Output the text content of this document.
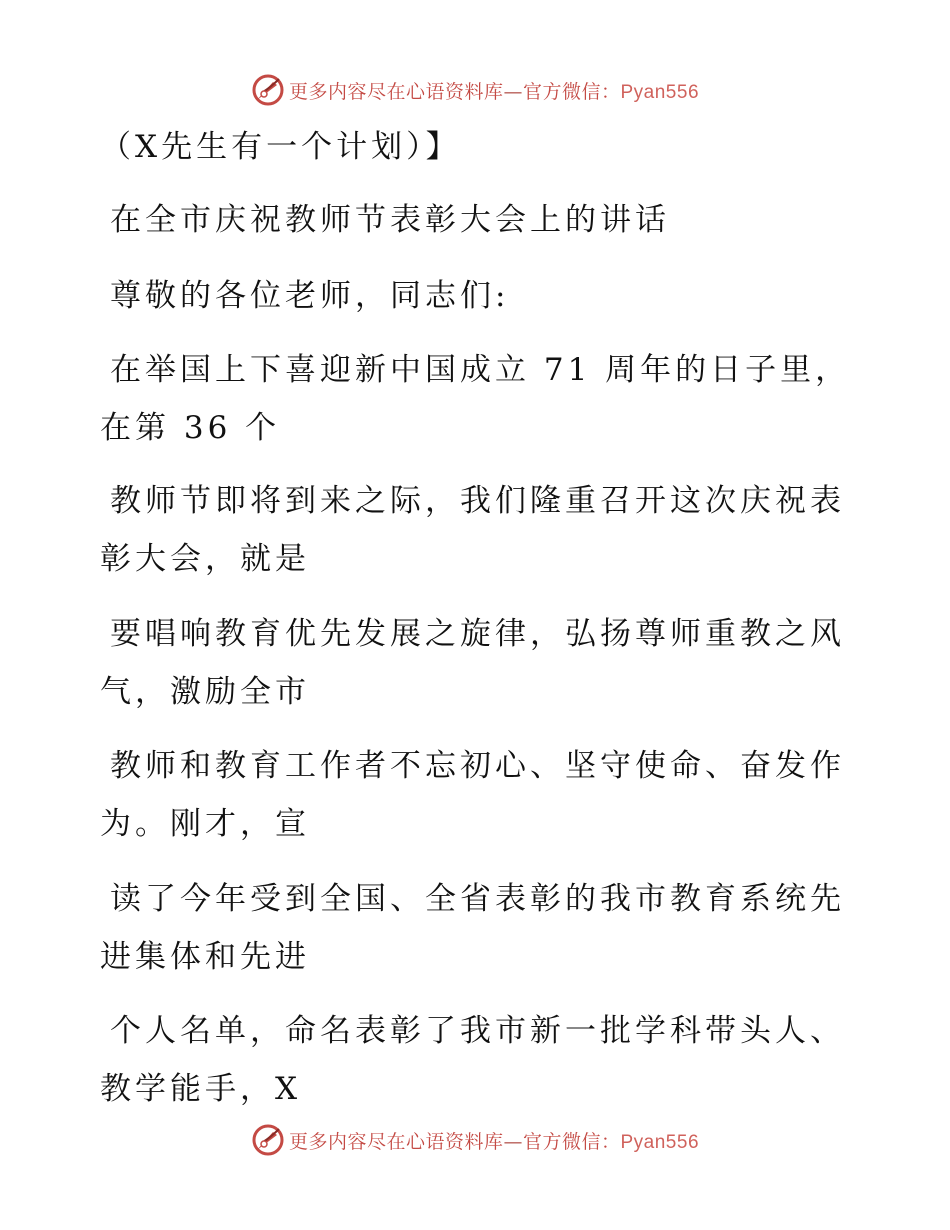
更多内容尽在心语资料库—官方微信：Pyan556
（X先生有一个计划）】
在全市庆祝教师节表彰大会上的讲话
尊敬的各位老师，同志们:
在举国上下喜迎新中国成立 71 周年的日子里，
在第 36 个
教师节即将到来之际，我们隆重召开这次庆祝表
彰大会，就是
要唱响教育优先发展之旋律，弘扬尊师重教之风
气，激励全市
教师和教育工作者不忘初心、坚守使命、奋发作
为。刚才，宣
读了今年受到全国、全省表彰的我市教育系统先
进集体和先进
个人名单，命名表彰了我市新一批学科带头人、
教学能手，X
更多内容尽在心语资料库—官方微信：Pyan556
